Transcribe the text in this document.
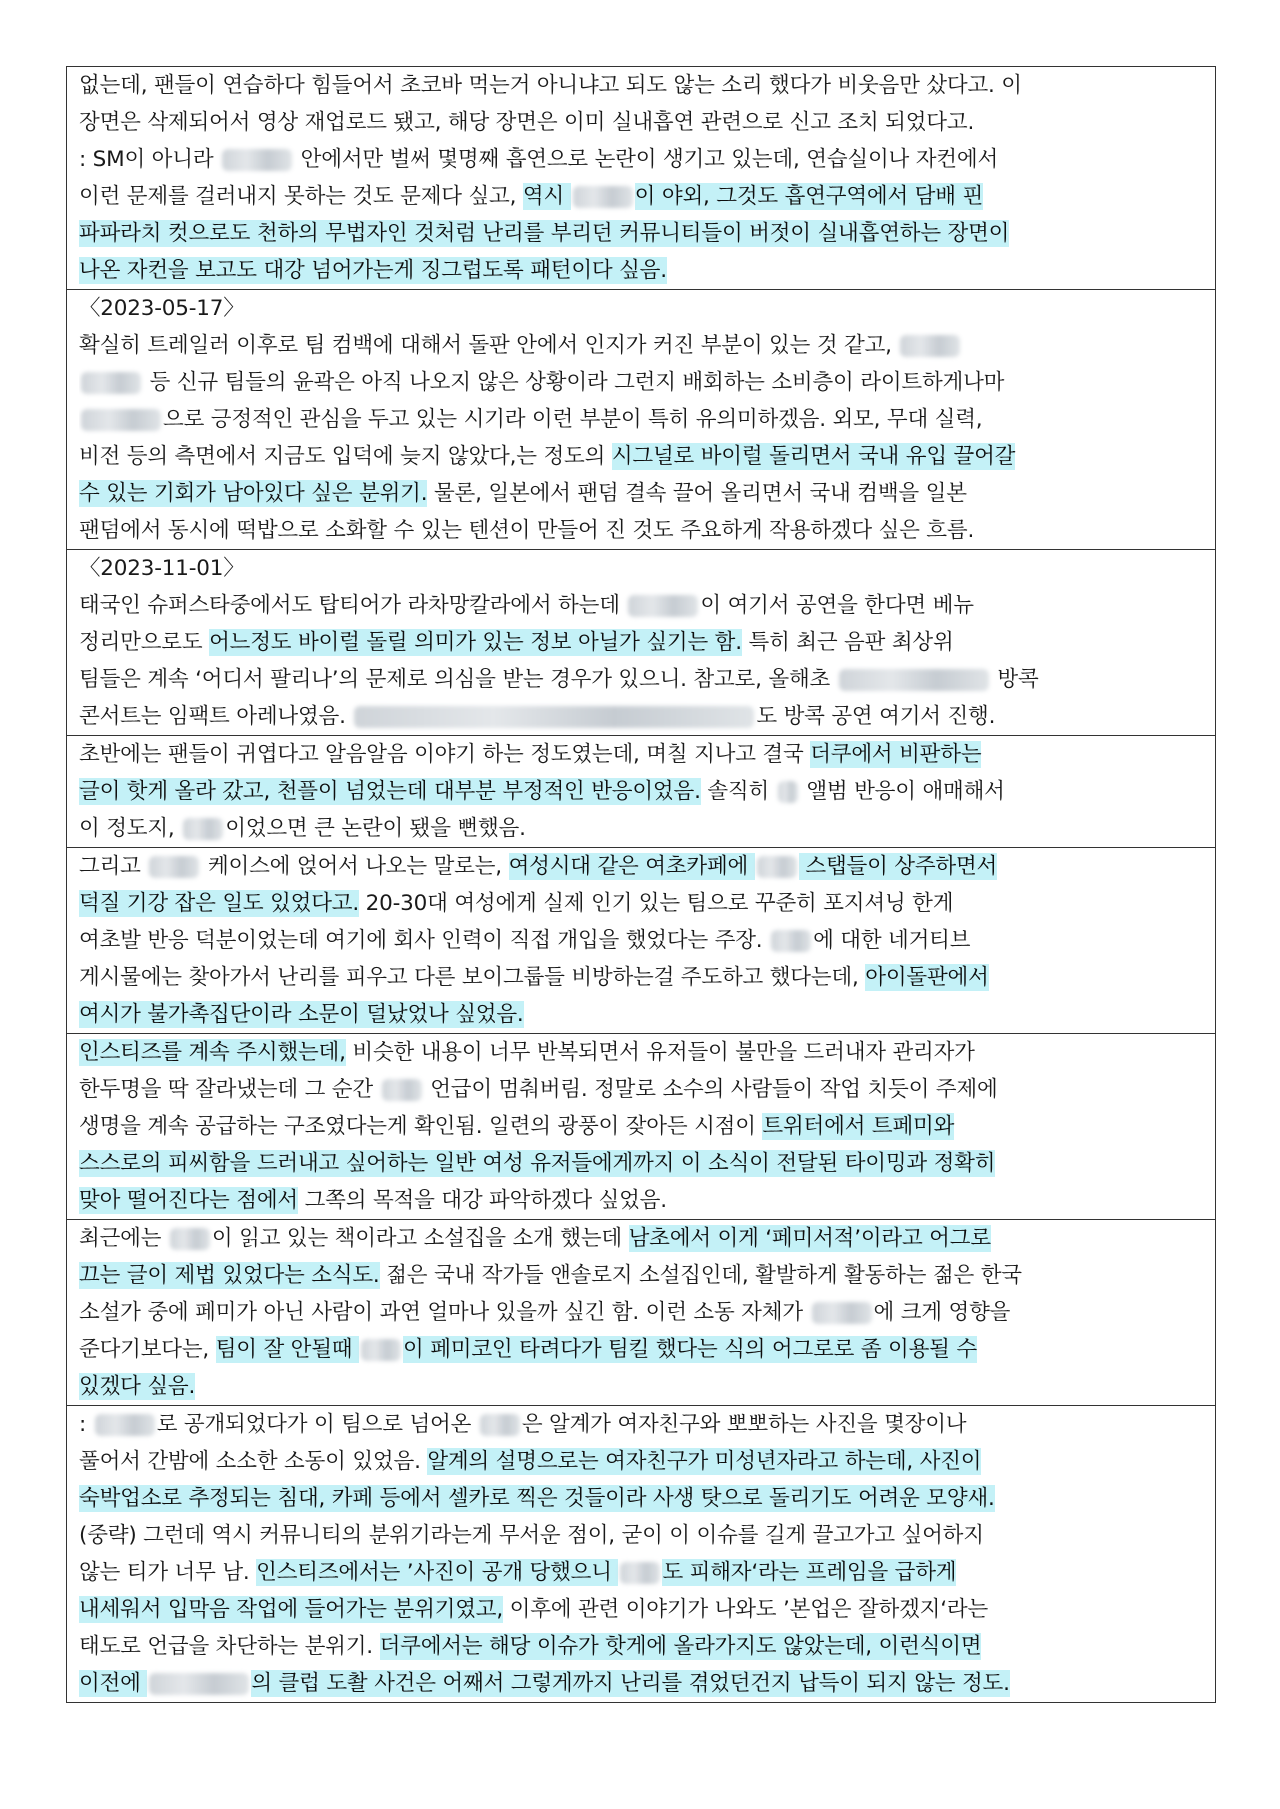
없는데, 팬들이 연습하다 힘들어서 초코바 먹는거 아니냐고 되도 않는 소리 했다가 비웃음만 샀다고. 이
장면은 삭제되어서 영상 재업로드 됐고, 해당 장면은 이미 실내흡연 관련으로 신고 조치 되었다고.
: SM이 아니라	안에서만 벌써 몇명째 흡연으로 논란이 생기고 있는데, 연습실이나 자컨에서
이런 문제를 걸러내지 못하는 것도 문제다 싶고, 역시	이 야외, 그것도 흡연구역에서 담배 핀
파파라치 컷으로도 천하의 무법자인 것처럼 난리를 부리던 커뮤니티들이 버젓이 실내흡연하는 장면이
나온 자컨을 보고도 대강 넘어가는게 징그럽도록 패턴이다 싶음.
〈2023-05-17〉
확실히 트레일러 이후로 팀 컴백에 대해서 돌판 안에서 인지가 커진 부분이 있는 것 같고,
등 신규 팀들의 윤곽은 아직 나오지 않은 상황이라 그런지 배회하는 소비층이 라이트하게나마
으로 긍정적인 관심을 두고 있는 시기라 이런 부분이 특히 유의미하겠음. 외모, 무대 실력,
비전 등의 측면에서 지금도 입덕에 늦지 않았다,는 정도의 시그널로 바이럴 돌리면서 국내 유입 끌어갈
수 있는 기회가 남아있다 싶은 분위기. 물론, 일본에서 팬덤 결속 끌어 올리면서 국내 컴백을 일본
팬덤에서 동시에 떡밥으로 소화할 수 있는 텐션이 만들어 진 것도 주요하게 작용하겠다 싶은 흐름.
〈2023-11-01〉
태국인 슈퍼스타중에서도 탑티어가 라차망칼라에서 하는데	이 여기서 공연을 한다면 베뉴
정리만으로도 어느정도 바이럴 돌릴 의미가 있는 정보 아닐가 싶기는 함. 특히 최근 음판 최상위
팀들은 계속 ‘어디서 팔리나’의 문제로 의심을 받는 경우가 있으니. 참고로, 올해초	방콕
콘서트는 임팩트 아레나였음.	도 방콕 공연 여기서 진행.
초반에는 팬들이 귀엽다고 알음알음 이야기 하는 정도였는데, 며칠 지나고 결국 더쿠에서 비판하는
글이 핫게 올라 갔고, 천플이 넘었는데 대부분 부정적인 반응이었음. 솔직히  앨범 반응이 애매해서
이 정도지, 이었으면 큰 논란이 됐을 뻔했음.
그리고	케이스에 얹어서 나오는 말로는, 여성시대 같은 여초카페에  스탭들이 상주하면서
덕질 기강 잡은 일도 있었다고. 20-30대 여성에게 실제 인기 있는 팀으로 꾸준히 포지셔닝 한게
여초발 반응 덕분이었는데 여기에 회사 인력이 직접 개입을 했었다는 주장. 에 대한 네거티브
게시물에는 찾아가서 난리를 피우고 다른 보이그룹들 비방하는걸 주도하고 했다는데, 아이돌판에서
여시가 불가촉집단이라 소문이 덜났었나 싶었음.
인스티즈를 계속 주시했는데, 비슷한 내용이 너무 반복되면서 유저들이 불만을 드러내자 관리자가
한두명을 딱 잘라냈는데 그 순간  언급이 멈춰버림. 정말로 소수의 사람들이 작업 치듯이 주제에
생명을 계속 공급하는 구조였다는게 확인됨. 일련의 광풍이 잦아든 시점이 트위터에서 트페미와
스스로의 피씨함을 드러내고 싶어하는 일반 여성 유저들에게까지 이 소식이 전달된 타이밍과 정확히
맞아 떨어진다는 점에서 그쪽의 목적을 대강 파악하겠다 싶었음.
최근에는 이 읽고 있는 책이라고 소설집을 소개 했는데 남초에서 이게 ‘페미서적’이라고 어그로
끄는 글이 제법 있었다는 소식도. 젊은 국내 작가들 앤솔로지 소설집인데, 활발하게 활동하는 젊은 한국
소설가 중에 페미가 아닌 사람이 과연 얼마나 있을까 싶긴 함. 이런 소동 자체가	에 크게 영향을
준다기보다는, 팀이 잘 안될때 이 페미코인 타려다가 팀킬 했다는 식의 어그로로 좀 이용될 수
있겠다 싶음.
:	로 공개되었다가 이 팀으로 넘어온 은 알계가 여자친구와 뽀뽀하는 사진을 몇장이나
풀어서 간밤에 소소한 소동이 있었음. 알계의 설명으로는 여자친구가 미성년자라고 하는데, 사진이
숙박업소로 추정되는 침대, 카페 등에서 셀카로 찍은 것들이라 사생 탓으로 돌리기도 어려운 모양새.
(중략) 그런데 역시 커뮤니티의 분위기라는게 무서운 점이, 굳이 이 이슈를 길게 끌고가고 싶어하지
않는 티가 너무 남. 인스티즈에서는 ’사진이 공개 당했으니 도 피해자‘라는 프레임을 급하게
내세워서 입막음 작업에 들어가는 분위기였고, 이후에 관련 이야기가 나와도 ’본업은 잘하겠지‘라는
태도로 언급을 차단하는 분위기. 더쿠에서는 해당 이슈가 핫게에 올라가지도 않았는데, 이런식이면
이전에	의 클럽 도촬 사건은 어째서 그렇게까지 난리를 겪었던건지 납득이 되지 않는 정도.
